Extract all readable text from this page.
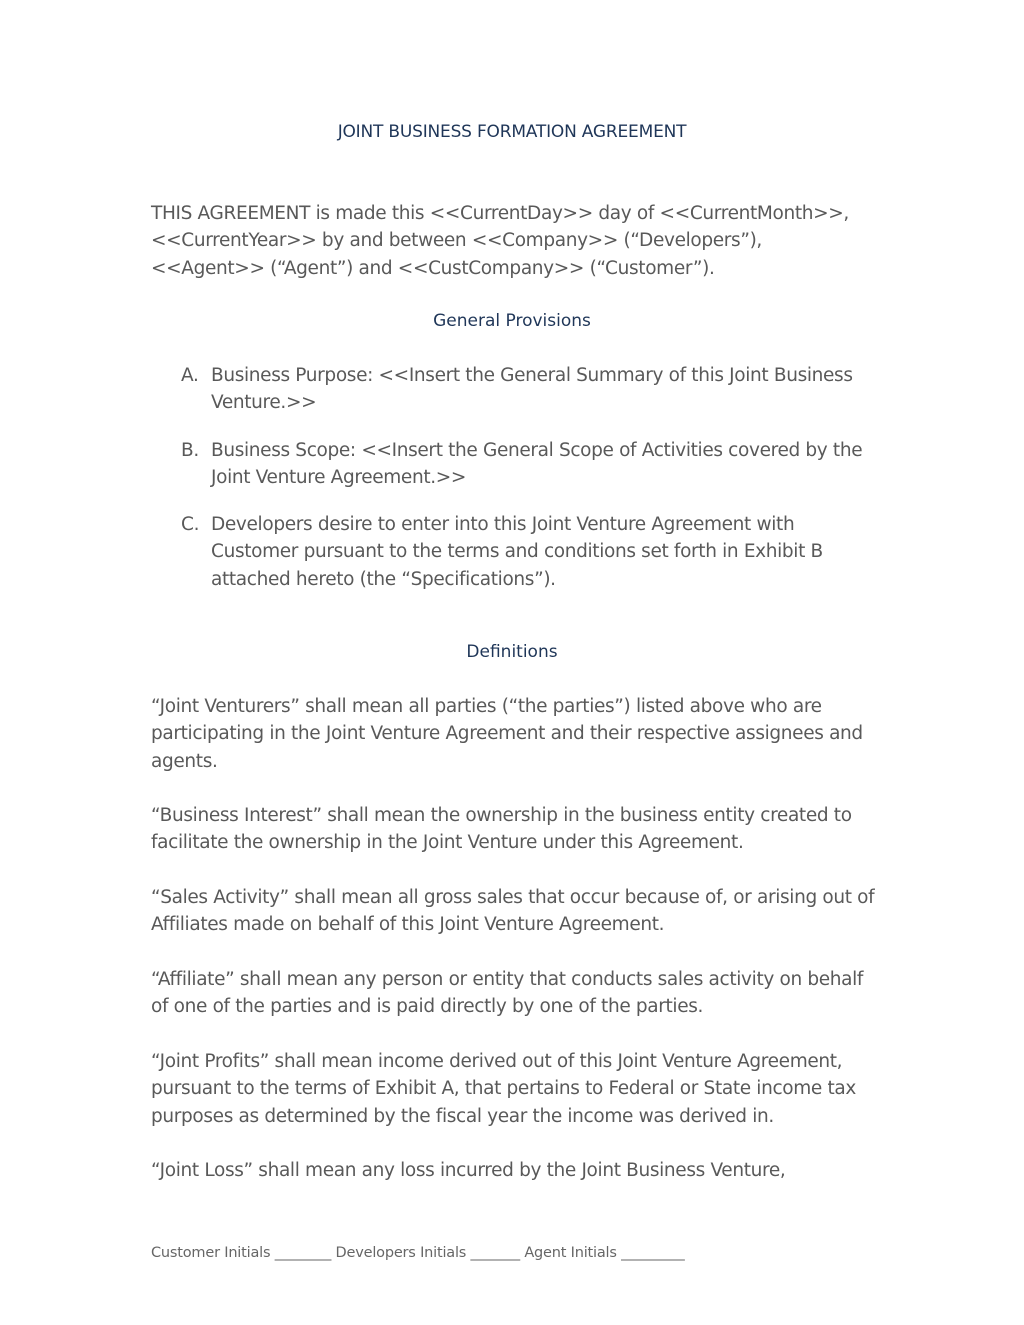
JOINT BUSINESS FORMATION AGREEMENT
THIS AGREEMENT is made this <<CurrentDay>> day of <<CurrentMonth>>, <<CurrentYear>> by and between <<Company>> (“Developers”), <<Agent>> (“Agent”) and <<CustCompany>> (“Customer”).
General Provisions
A. Business Purpose: <<Insert the General Summary of this Joint Business Venture.>>
B. Business Scope: <<Insert the General Scope of Activities covered by the Joint Venture Agreement.>>
C. Developers desire to enter into this Joint Venture Agreement with Customer pursuant to the terms and conditions set forth in Exhibit B attached hereto (the “Specifications”).
Definitions
“Joint Venturers” shall mean all parties (“the parties”) listed above who are participating in the Joint Venture Agreement and their respective assignees and agents.
“Business Interest” shall mean the ownership in the business entity created to facilitate the ownership in the Joint Venture under this Agreement.
“Sales Activity” shall mean all gross sales that occur because of, or arising out of Affiliates made on behalf of this Joint Venture Agreement.
“Affiliate” shall mean any person or entity that conducts sales activity on behalf of one of the parties and is paid directly by one of the parties.
“Joint Profits” shall mean income derived out of this Joint Venture Agreement, pursuant to the terms of Exhibit A, that pertains to Federal or State income tax purposes as determined by the fiscal year the income was derived in.
“Joint Loss” shall mean any loss incurred by the Joint Business Venture,
Customer Initials ________ Developers Initials _______ Agent Initials _________
